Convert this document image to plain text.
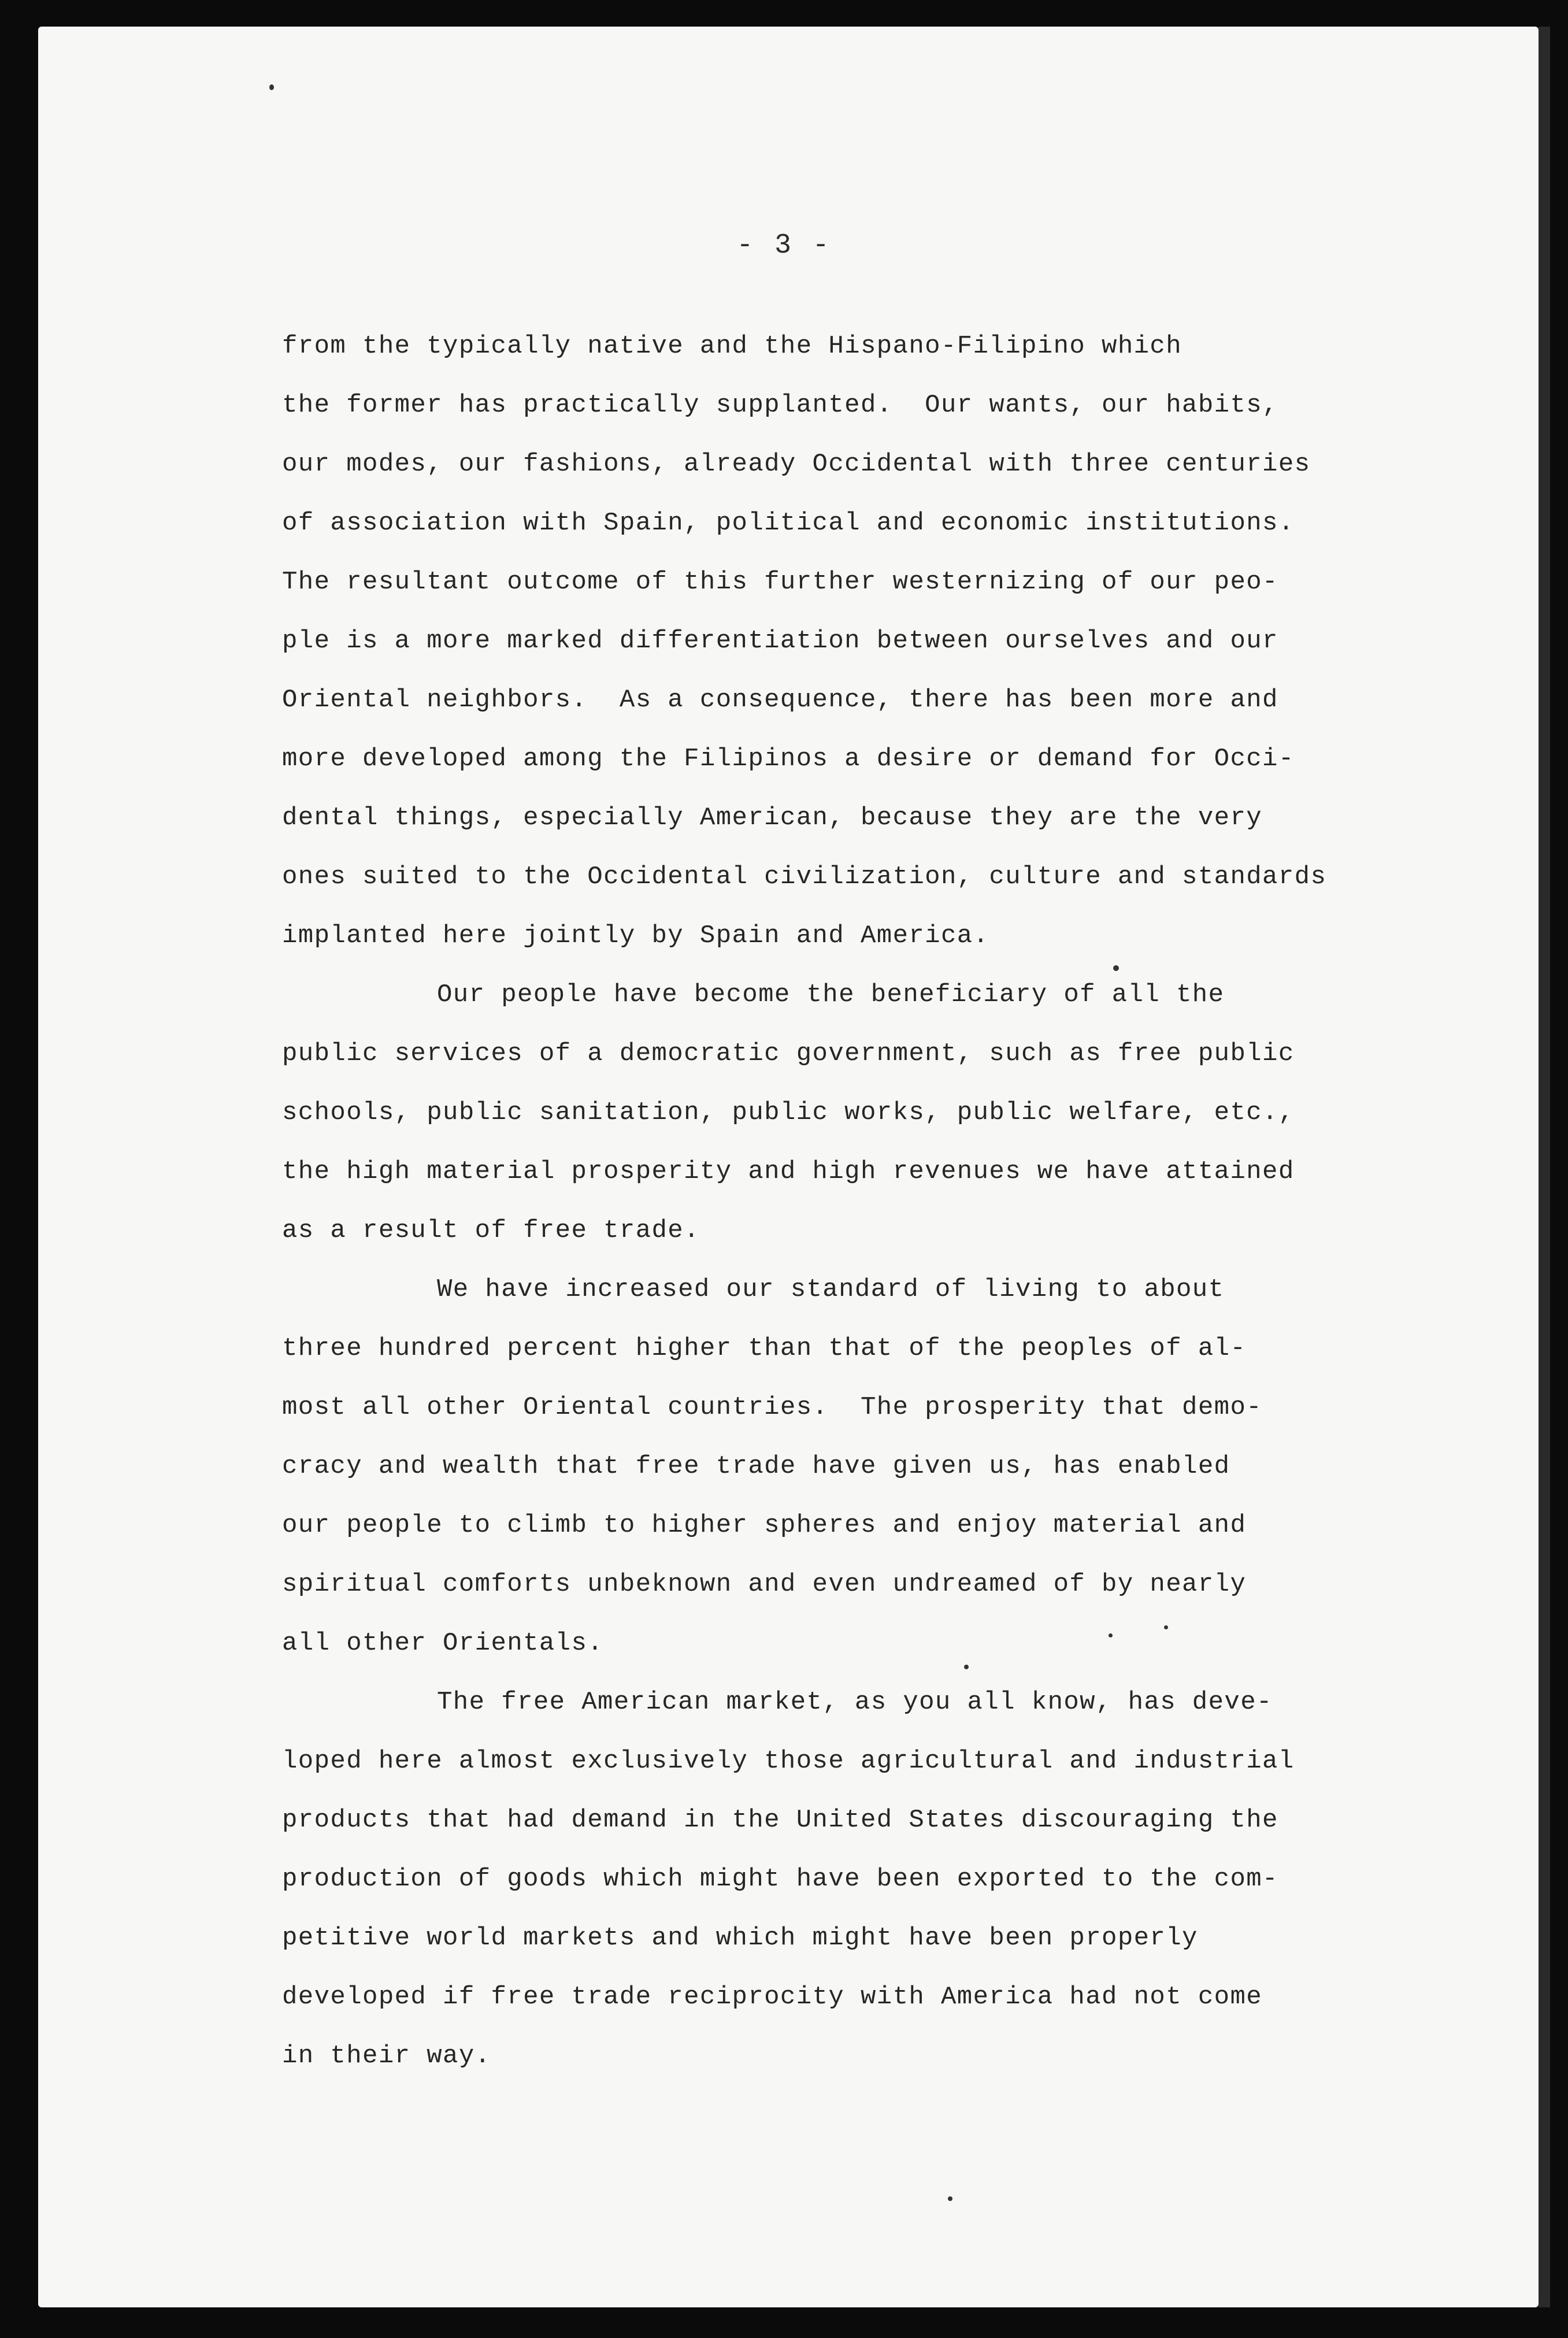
- 3 -
from the typically native and the Hispano-Filipino which
the former has practically supplanted.  Our wants, our habits,
our modes, our fashions, already Occidental with three centuries
of association with Spain, political and economic institutions.
The resultant outcome of this further westernizing of our peo-
ple is a more marked differentiation between ourselves and our
Oriental neighbors.  As a consequence, there has been more and
more developed among the Filipinos a desire or demand for Occi-
dental things, especially American, because they are the very
ones suited to the Occidental civilization, culture and standards
implanted here jointly by Spain and America.
Our people have become the beneficiary of all the
public services of a democratic government, such as free public
schools, public sanitation, public works, public welfare, etc.,
the high material prosperity and high revenues we have attained
as a result of free trade.
We have increased our standard of living to about
three hundred percent higher than that of the peoples of al-
most all other Oriental countries.  The prosperity that demo-
cracy and wealth that free trade have given us, has enabled
our people to climb to higher spheres and enjoy material and
spiritual comforts unbeknown and even undreamed of by nearly
all other Orientals.
The free American market, as you all know, has deve-
loped here almost exclusively those agricultural and industrial
products that had demand in the United States discouraging the
production of goods which might have been exported to the com-
petitive world markets and which might have been properly
developed if free trade reciprocity with America had not come
in their way.
